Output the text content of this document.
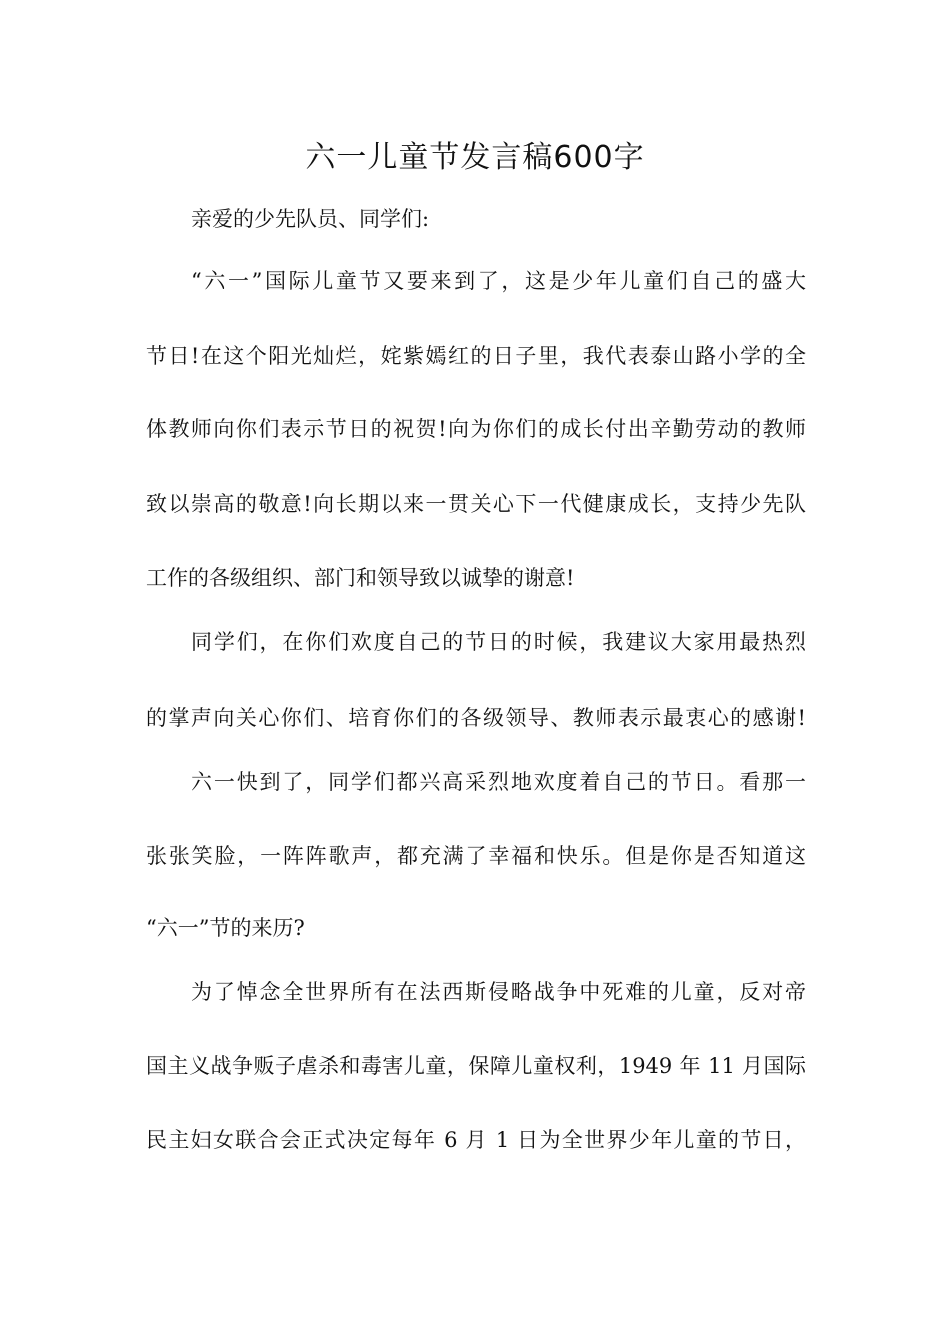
六一儿童节发言稿600字
亲爱的少先队员、同学们:
“六一”国际儿童节又要来到了，这是少年儿童们自己的盛大
节日!在这个阳光灿烂，姹紫嫣红的日子里，我代表泰山路小学的全
体教师向你们表示节日的祝贺!向为你们的成长付出辛勤劳动的教师
致以崇高的敬意!向长期以来一贯关心下一代健康成长，支持少先队
工作的各级组织、部门和领导致以诚挚的谢意!
同学们，在你们欢度自己的节日的时候，我建议大家用最热烈
的掌声向关心你们、培育你们的各级领导、教师表示最衷心的感谢!
六一快到了，同学们都兴高采烈地欢度着自己的节日。看那一
张张笑脸，一阵阵歌声，都充满了幸福和快乐。但是你是否知道这
“六一”节的来历?
为了悼念全世界所有在法西斯侵略战争中死难的儿童，反对帝
国主义战争贩子虐杀和毒害儿童，保障儿童权利，1949 年 11 月国际
民主妇女联合会正式决定每年 6 月 1 日为全世界少年儿童的节日，
